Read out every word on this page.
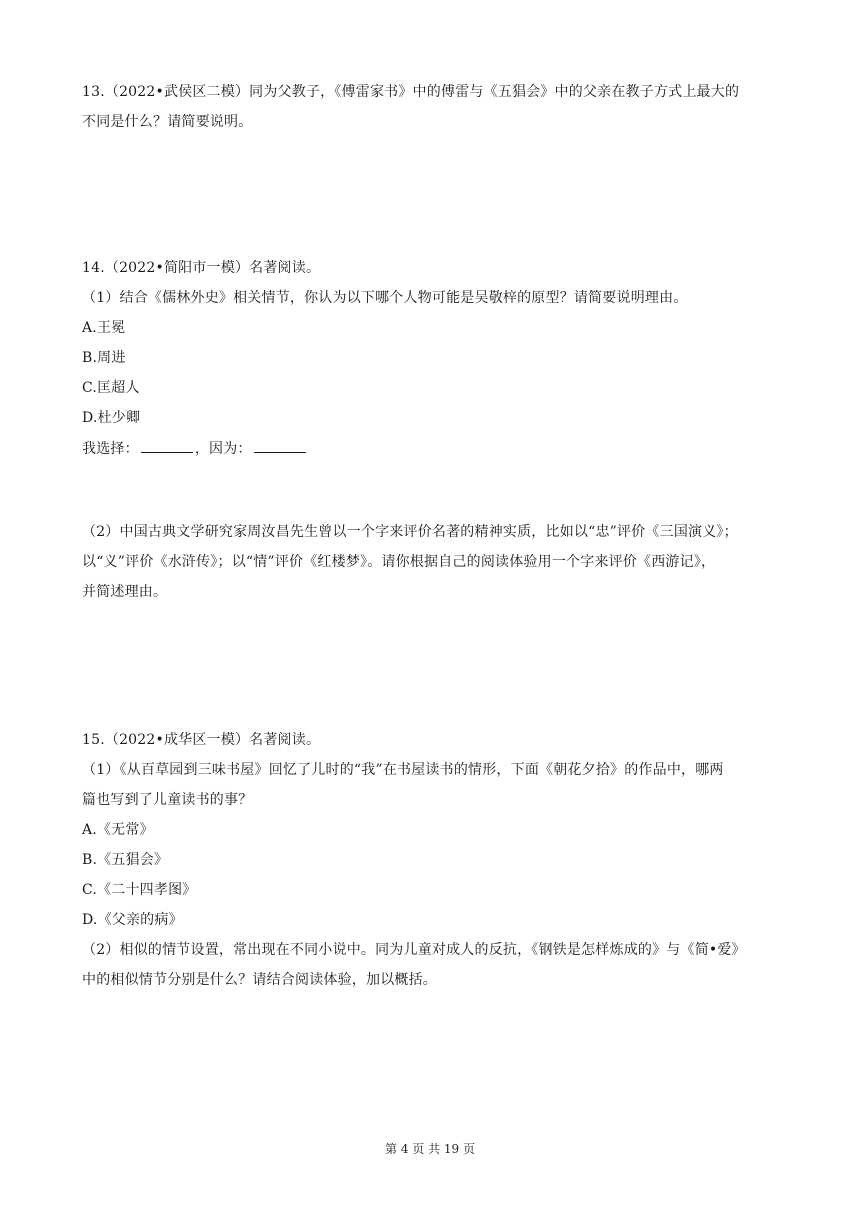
13.（2022•武侯区二模）同为父教子，《傅雷家书》中的傅雷与《五猖会》中的父亲在教子方式上最大的
不同是什么？请简要说明。
14.（2022•简阳市一模）名著阅读。
（1）结合《儒林外史》相关情节，你认为以下哪个人物可能是吴敬梓的原型？请简要说明理由。
A.王冕
B.周进
C.匡超人
D.杜少卿
我选择：	，因为：
（2）中国古典文学研究家周汝昌先生曾以一个字来评价名著的精神实质，比如以“忠”评价《三国演义》；
以“义”评价《水浒传》；以“情”评价《红楼梦》。请你根据自己的阅读体验用一个字来评价《西游记》，
并简述理由。
15.（2022•成华区一模）名著阅读。
（1）《从百草园到三味书屋》回忆了儿时的“我”在书屋读书的情形，下面《朝花夕拾》的作品中，哪两
篇也写到了儿童读书的事？
A.《无常》
B.《五猖会》
C.《二十四孝图》
D.《父亲的病》
（2）相似的情节设置，常出现在不同小说中。同为儿童对成人的反抗，《钢铁是怎样炼成的》与《简•爱》
中的相似情节分别是什么？请结合阅读体验，加以概括。
第 4 页 共 19 页
